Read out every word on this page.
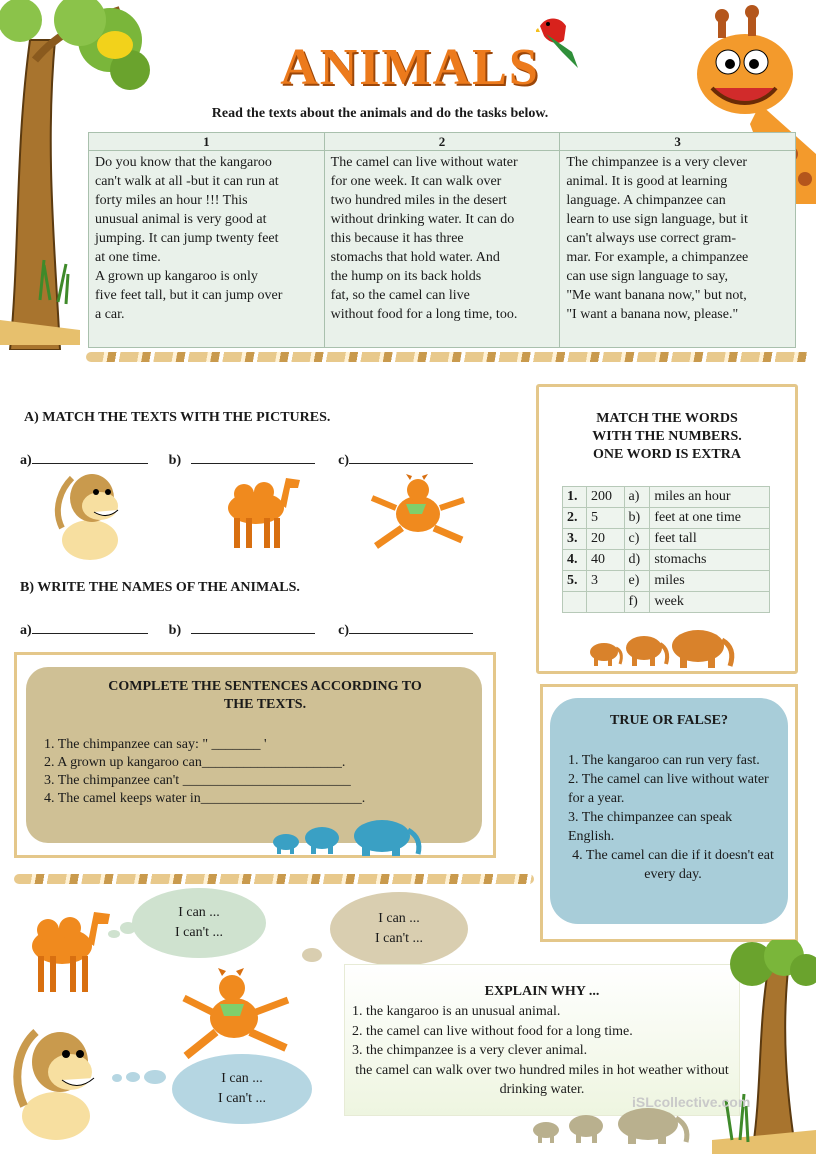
ANIMALS
Read the texts about the animals and do the tasks below.
1
Do you know that the kangaroo
can't walk at all -but it can run at
forty miles an hour !!! This
unusual animal is very good at
jumping. It can jump twenty feet
at one time.
A grown up kangaroo is only
five feet tall, but it can jump over
a car.
2
The camel can live without water
for one week. It can walk over
two hundred miles in the desert
without drinking water. It can do
this because it has three
stomachs that hold water. And
the hump on its back holds
fat, so the camel can live
without food for a long time, too.
3
The chimpanzee is a very clever
animal. It is good at learning
language. A chimpanzee can
learn to use sign language, but it
can't always use correct gram-
mar. For example, a chimpanzee
can use sign language to say,
"Me want banana now," but not,
"I want a banana now, please."
A) MATCH THE TEXTS WITH THE PICTURES.
a)	b)	c)
B) WRITE THE NAMES OF THE ANIMALS.
a)	b)	c)
MATCH THE WORDS
WITH THE NUMBERS.
ONE WORD IS EXTRA
1.	200	a)	miles an hour
2.	5	b)	feet at one time
3.	20	c)	feet tall
4.	40	d)	stomachs
5.	3	e)	miles
		f)	week
COMPLETE THE SENTENCES ACCORDING TO
THE TEXTS.
1. The chimpanzee can say: " _______ '
2. A grown up kangaroo can____________________.
3. The chimpanzee can't ________________________
4. The camel keeps water in_______________________.
TRUE OR FALSE?
1. The kangaroo can run very fast.
2. The camel can live without water for a year.
3. The chimpanzee can speak English.
4. The camel can die if it doesn't eat every day.
I can ...
I can't ...
I can ...
I can't ...
I can ...
I can't ...
EXPLAIN WHY ...
1. the kangaroo is an unusual animal.
2. the camel can live without food for a long time.
3. the chimpanzee is a very clever animal.
the camel can walk over two hundred miles in hot weather without drinking water.
iSLcollective.com
